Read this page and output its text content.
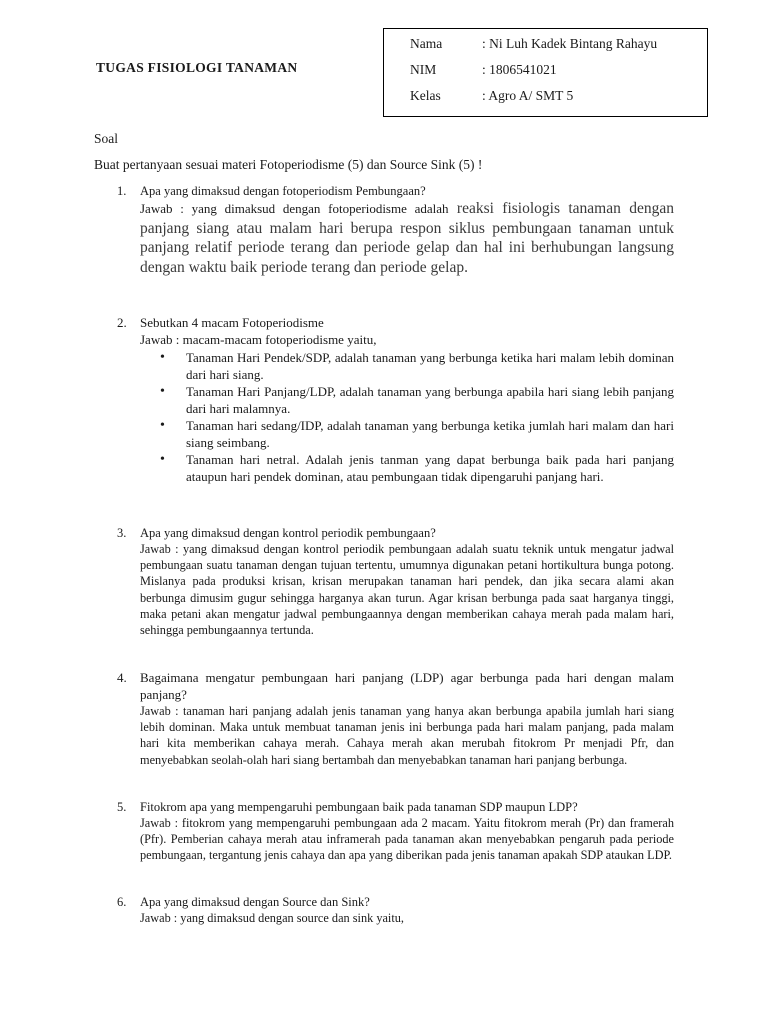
TUGAS FISIOLOGI TANAMAN
Nama	: Ni Luh Kadek Bintang Rahayu
NIM	: 1806541021
Kelas	: Agro A/ SMT 5
Soal
Buat pertanyaan sesuai materi Fotoperiodisme (5) dan Source Sink (5) !
1.	Apa yang dimaksud dengan fotoperiodism Pembungaan?
Jawab : yang dimaksud dengan fotoperiodisme adalah reaksi fisiologis tanaman dengan panjang siang atau malam hari berupa respon siklus pembungaan tanaman untuk panjang relatif periode terang dan periode gelap dan hal ini berhubungan langsung dengan waktu baik periode terang dan periode gelap.
2.	Sebutkan 4 macam Fotoperiodisme
Jawab : macam-macam fotoperiodisme yaitu,
• Tanaman Hari Pendek/SDP, adalah tanaman yang berbunga ketika hari malam lebih dominan dari hari siang.
• Tanaman Hari Panjang/LDP, adalah tanaman yang berbunga apabila hari siang lebih panjang dari hari malamnya.
• Tanaman hari sedang/IDP, adalah tanaman yang berbunga ketika jumlah hari malam dan hari siang seimbang.
• Tanaman hari netral. Adalah jenis tanman yang dapat berbunga baik pada hari panjang ataupun hari pendek dominan, atau pembungaan tidak dipengaruhi panjang hari.
3.	Apa yang dimaksud dengan kontrol periodik pembungaan?
Jawab : yang dimaksud dengan kontrol periodik pembungaan adalah suatu teknik untuk mengatur jadwal pembungaan suatu tanaman dengan tujuan tertentu, umumnya digunakan petani hortikultura bunga potong. Mislanya pada produksi krisan, krisan merupakan tanaman hari pendek, dan jika secara alami akan berbunga dimusim gugur sehingga harganya akan turun. Agar krisan berbunga pada saat harganya tinggi, maka petani akan mengatur jadwal pembungaannya dengan memberikan cahaya merah pada malam hari, sehingga pembungaannya tertunda.
4.	Bagaimana mengatur pembungaan hari panjang (LDP) agar berbunga pada hari dengan malam panjang?
Jawab : tanaman hari panjang adalah jenis tanaman yang hanya akan berbunga apabila jumlah hari siang lebih dominan. Maka untuk membuat tanaman jenis ini berbunga pada hari malam panjang, pada malam hari kita memberikan cahaya merah. Cahaya merah akan merubah fitokrom Pr menjadi Pfr, dan menyebabkan seolah-olah hari siang bertambah dan menyebabkan tanaman hari panjang berbunga.
5.	Fitokrom apa yang mempengaruhi pembungaan baik pada tanaman SDP maupun LDP?
Jawab : fitokrom yang mempengaruhi pembungaan ada 2 macam. Yaitu fitokrom merah (Pr) dan framerah (Pfr). Pemberian cahaya merah atau inframerah pada tanaman akan menyebabkan pengaruh pada periode pembungaan, tergantung jenis cahaya dan apa yang diberikan pada jenis tanaman apakah SDP ataukan LDP.
6.	Apa yang dimaksud dengan Source dan Sink?
Jawab : yang dimaksud dengan source dan sink yaitu,
